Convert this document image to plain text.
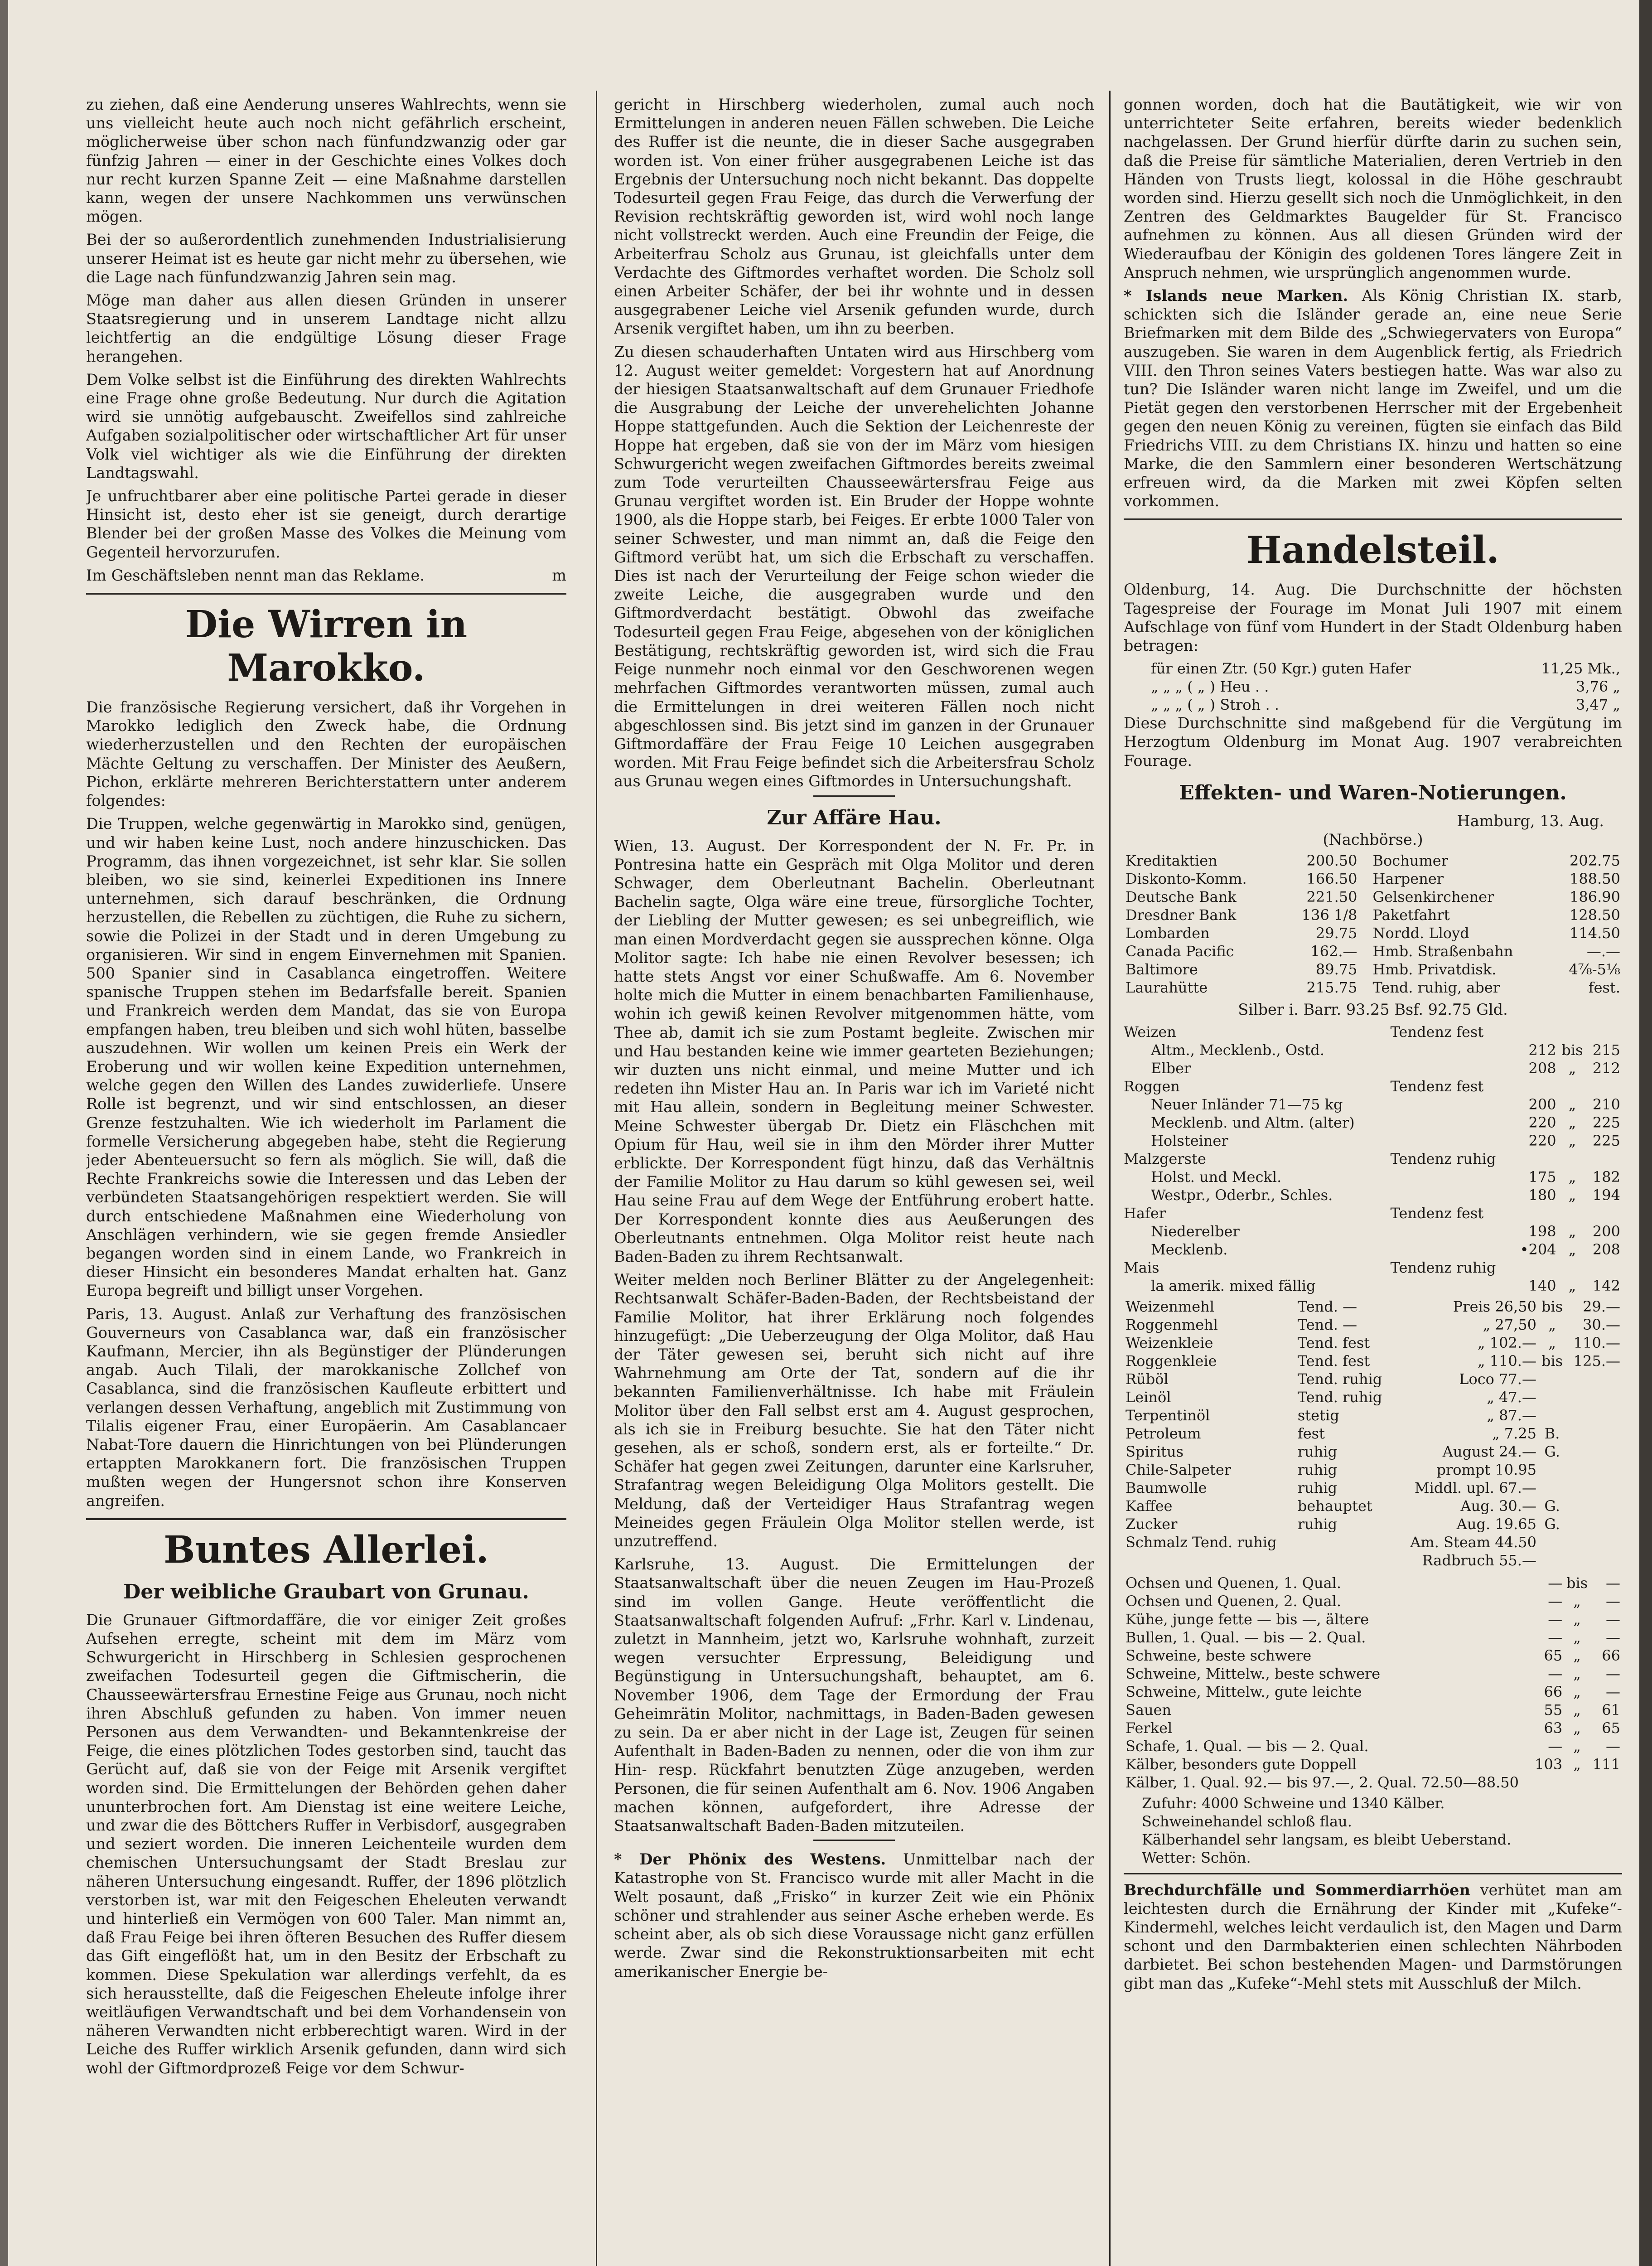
zu ziehen, daß eine Aenderung unseres Wahlrechts, wenn sie uns vielleicht heute auch noch nicht gefährlich erscheint, möglicherweise über schon nach fünfundzwanzig oder gar fünfzig Jahren — einer in der Geschichte eines Volkes doch nur recht kurzen Spanne Zeit — eine Maßnahme darstellen kann, wegen der unsere Nachkommen uns verwünschen mögen.

Bei der so außerordentlich zunehmenden Industrialisierung unserer Heimat ist es heute gar nicht mehr zu übersehen, wie die Lage nach fünfundzwanzig Jahren sein mag.

Möge man daher aus allen diesen Gründen in unserer Staatsregierung und in unserem Landtage nicht allzu leichtfertig an die endgültige Lösung dieser Frage herangehen.

Dem Volke selbst ist die Einführung des direkten Wahlrechts eine Frage ohne große Bedeutung. Nur durch die Agitation wird sie unnötig aufgebauscht. Zweifellos sind zahlreiche Aufgaben sozialpolitischer oder wirtschaftlicher Art für unser Volk viel wichtiger als wie die Einführung der direkten Landtagswahl.

Je unfruchtbarer aber eine politische Partei gerade in dieser Hinsicht ist, desto eher ist sie geneigt, durch derartige Blender bei der großen Masse des Volkes die Meinung vom Gegenteil hervorzurufen.

Im Geschäftsleben nennt man das Reklame.	m

Die Wirren in Marokko.

Die französische Regierung versichert, daß ihr Vorgehen in Marokko lediglich den Zweck habe, die Ordnung wiederherzustellen und den Rechten der europäischen Mächte Geltung zu verschaffen. Der Minister des Aeußern, Pichon, erklärte mehreren Berichterstattern unter anderem folgendes:

Die Truppen, welche gegenwärtig in Marokko sind, genügen, und wir haben keine Lust, noch andere hinzuschicken. Das Programm, das ihnen vorgezeichnet, ist sehr klar. Sie sollen bleiben, wo sie sind, keinerlei Expeditionen ins Innere unternehmen, sich darauf beschränken, die Ordnung herzustellen, die Rebellen zu züchtigen, die Ruhe zu sichern, sowie die Polizei in der Stadt und in deren Umgebung zu organisieren. Wir sind in engem Einvernehmen mit Spanien. 500 Spanier sind in Casablanca eingetroffen. Weitere spanische Truppen stehen im Bedarfsfalle bereit. Spanien und Frankreich werden dem Mandat, das sie von Europa empfangen haben, treu bleiben und sich wohl hüten, basselbe auszudehnen. Wir wollen um keinen Preis ein Werk der Eroberung und wir wollen keine Expedition unternehmen, welche gegen den Willen des Landes zuwiderliefe. Unsere Rolle ist begrenzt, und wir sind entschlossen, an dieser Grenze festzuhalten. Wie ich wiederholt im Parlament die formelle Versicherung abgegeben habe, steht die Regierung jeder Abenteuersucht so fern als möglich. Sie will, daß die Rechte Frankreichs sowie die Interessen und das Leben der verbündeten Staatsangehörigen respektiert werden. Sie will durch entschiedene Maßnahmen eine Wiederholung von Anschlägen verhindern, wie sie gegen fremde Ansiedler begangen worden sind in einem Lande, wo Frankreich in dieser Hinsicht ein besonderes Mandat erhalten hat. Ganz Europa begreift und billigt unser Vorgehen.

Paris, 13. August. Anlaß zur Verhaftung des französischen Gouverneurs von Casablanca war, daß ein französischer Kaufmann, Mercier, ihn als Begünstiger der Plünderungen angab. Auch Tilali, der marokkanische Zollchef von Casablanca, sind die französischen Kaufleute erbittert und verlangen dessen Verhaftung, angeblich mit Zustimmung von Tilalis eigener Frau, einer Europäerin. Am Casablancaer Nabat-Tore dauern die Hinrichtungen von bei Plünderungen ertappten Marokkanern fort. Die französischen Truppen mußten wegen der Hungersnot schon ihre Konserven angreifen.

Buntes Allerlei.
Der weibliche Graubart von Grunau.

Die Grunauer Giftmordaffäre, die vor einiger Zeit großes Aufsehen erregte, scheint mit dem im März vom Schwurgericht in Hirschberg in Schlesien gesprochenen zweifachen Todesurteil gegen die Giftmischerin, die Chausseewärtersfrau Ernestine Feige aus Grunau, noch nicht ihren Abschluß gefunden zu haben. Von immer neuen Personen aus dem Verwandten- und Bekanntenkreise der Feige, die eines plötzlichen Todes gestorben sind, taucht das Gerücht auf, daß sie von der Feige mit Arsenik vergiftet worden sind. Die Ermittelungen der Behörden gehen daher ununterbrochen fort. Am Dienstag ist eine weitere Leiche, und zwar die des Böttchers Ruffer in Verbisdorf, ausgegraben und seziert worden. Die inneren Leichenteile wurden dem chemischen Untersuchungsamt der Stadt Breslau zur näheren Untersuchung eingesandt. Ruffer, der 1896 plötzlich verstorben ist, war mit den Feigeschen Eheleuten verwandt und hinterließ ein Vermögen von 600 Taler. Man nimmt an, daß Frau Feige bei ihren öfteren Besuchen des Ruffer diesem das Gift eingeflößt hat, um in den Besitz der Erbschaft zu kommen. Diese Spekulation war allerdings verfehlt, da es sich herausstellte, daß die Feigeschen Eheleute infolge ihrer weitläufigen Verwandtschaft und bei dem Vorhandensein von näheren Verwandten nicht erbberechtigt waren. Wird in der Leiche des Ruffer wirklich Arsenik gefunden, dann wird sich wohl der Giftmordprozeß Feige vor dem Schwur-

gericht in Hirschberg wiederholen, zumal auch noch Ermittelungen in anderen neuen Fällen schweben. Die Leiche des Ruffer ist die neunte, die in dieser Sache ausgegraben worden ist. Von einer früher ausgegrabenen Leiche ist das Ergebnis der Untersuchung noch nicht bekannt. Das doppelte Todesurteil gegen Frau Feige, das durch die Verwerfung der Revision rechtskräftig geworden ist, wird wohl noch lange nicht vollstreckt werden. Auch eine Freundin der Feige, die Arbeiterfrau Scholz aus Grunau, ist gleichfalls unter dem Verdachte des Giftmordes verhaftet worden. Die Scholz soll einen Arbeiter Schäfer, der bei ihr wohnte und in dessen ausgegrabener Leiche viel Arsenik gefunden wurde, durch Arsenik vergiftet haben, um ihn zu beerben.

Zu diesen schauderhaften Untaten wird aus Hirschberg vom 12. August weiter gemeldet: Vorgestern hat auf Anordnung der hiesigen Staatsanwaltschaft auf dem Grunauer Friedhofe die Ausgrabung der Leiche der unverehelichten Johanne Hoppe stattgefunden. Auch die Sektion der Leichenreste der Hoppe hat ergeben, daß sie von der im März vom hiesigen Schwurgericht wegen zweifachen Giftmordes bereits zweimal zum Tode verurteilten Chausseewärtersfrau Feige aus Grunau vergiftet worden ist. Ein Bruder der Hoppe wohnte 1900, als die Hoppe starb, bei Feiges. Er erbte 1000 Taler von seiner Schwester, und man nimmt an, daß die Feige den Giftmord verübt hat, um sich die Erbschaft zu verschaffen. Dies ist nach der Verurteilung der Feige schon wieder die zweite Leiche, die ausgegraben wurde und den Giftmordverdacht bestätigt. Obwohl das zweifache Todesurteil gegen Frau Feige, abgesehen von der königlichen Bestätigung, rechtskräftig geworden ist, wird sich die Frau Feige nunmehr noch einmal vor den Geschworenen wegen mehrfachen Giftmordes verantworten müssen, zumal auch die Ermittelungen in drei weiteren Fällen noch nicht abgeschlossen sind. Bis jetzt sind im ganzen in der Grunauer Giftmordaffäre der Frau Feige 10 Leichen ausgegraben worden. Mit Frau Feige befindet sich die Arbeitersfrau Scholz aus Grunau wegen eines Giftmordes in Untersuchungshaft.

Zur Affäre Hau.

Wien, 13. August. Der Korrespondent der N. Fr. Pr. in Pontresina hatte ein Gespräch mit Olga Molitor und deren Schwager, dem Oberleutnant Bachelin. Oberleutnant Bachelin sagte, Olga wäre eine treue, fürsorgliche Tochter, der Liebling der Mutter gewesen; es sei unbegreiflich, wie man einen Mordverdacht gegen sie aussprechen könne. Olga Molitor sagte: Ich habe nie einen Revolver besessen; ich hatte stets Angst vor einer Schußwaffe. Am 6. November holte mich die Mutter in einem benachbarten Familienhause, wohin ich gewiß keinen Revolver mitgenommen hätte, vom Thee ab, damit ich sie zum Postamt begleite. Zwischen mir und Hau bestanden keine wie immer gearteten Beziehungen; wir duzten uns nicht einmal, und meine Mutter und ich redeten ihn Mister Hau an. In Paris war ich im Varieté nicht mit Hau allein, sondern in Begleitung meiner Schwester. Meine Schwester übergab Dr. Dietz ein Fläschchen mit Opium für Hau, weil sie in ihm den Mörder ihrer Mutter erblickte. Der Korrespondent fügt hinzu, daß das Verhältnis der Familie Molitor zu Hau darum so kühl gewesen sei, weil Hau seine Frau auf dem Wege der Entführung erobert hatte. Der Korrespondent konnte dies aus Aeußerungen des Oberleutnants entnehmen. Olga Molitor reist heute nach Baden-Baden zu ihrem Rechtsanwalt.

Weiter melden noch Berliner Blätter zu der Angelegenheit: Rechtsanwalt Schäfer-Baden-Baden, der Rechtsbeistand der Familie Molitor, hat ihrer Erklärung noch folgendes hinzugefügt: „Die Ueberzeugung der Olga Molitor, daß Hau der Täter gewesen sei, beruht sich nicht auf ihre Wahrnehmung am Orte der Tat, sondern auf die ihr bekannten Familienverhältnisse. Ich habe mit Fräulein Molitor über den Fall selbst erst am 4. August gesprochen, als ich sie in Freiburg besuchte. Sie hat den Täter nicht gesehen, als er schoß, sondern erst, als er forteilte.“ Dr. Schäfer hat gegen zwei Zeitungen, darunter eine Karlsruher, Strafantrag wegen Beleidigung Olga Molitors gestellt. Die Meldung, daß der Verteidiger Haus Strafantrag wegen Meineides gegen Fräulein Olga Molitor stellen werde, ist unzutreffend.

Karlsruhe, 13. August. Die Ermittelungen der Staatsanwaltschaft über die neuen Zeugen im Hau-Prozeß sind im vollen Gange. Heute veröffentlicht die Staatsanwaltschaft folgenden Aufruf: „Frhr. Karl v. Lindenau, zuletzt in Mannheim, jetzt wo, Karlsruhe wohnhaft, zurzeit wegen versuchter Erpressung, Beleidigung und Begünstigung in Untersuchungshaft, behauptet, am 6. November 1906, dem Tage der Ermordung der Frau Geheimrätin Molitor, nachmittags, in Baden-Baden gewesen zu sein. Da er aber nicht in der Lage ist, Zeugen für seinen Aufenthalt in Baden-Baden zu nennen, oder die von ihm zur Hin- resp. Rückfahrt benutzten Züge anzugeben, werden Personen, die für seinen Aufenthalt am 6. Nov. 1906 Angaben machen können, aufgefordert, ihre Adresse der Staatsanwaltschaft Baden-Baden mitzuteilen.

* Der Phönix des Westens. Unmittelbar nach der Katastrophe von St. Francisco wurde mit aller Macht in die Welt posaunt, daß „Frisko“ in kurzer Zeit wie ein Phönix schöner und strahlender aus seiner Asche erheben werde. Es scheint aber, als ob sich diese Voraussage nicht ganz erfüllen werde. Zwar sind die Rekonstruktionsarbeiten mit echt amerikanischer Energie be-

gonnen worden, doch hat die Bautätigkeit, wie wir von unterrichteter Seite erfahren, bereits wieder bedenklich nachgelassen. Der Grund hierfür dürfte darin zu suchen sein, daß die Preise für sämtliche Materialien, deren Vertrieb in den Händen von Trusts liegt, kolossal in die Höhe geschraubt worden sind. Hierzu gesellt sich noch die Unmöglichkeit, in den Zentren des Geldmarktes Baugelder für St. Francisco aufnehmen zu können. Aus all diesen Gründen wird der Wiederaufbau der Königin des goldenen Tores längere Zeit in Anspruch nehmen, wie ursprünglich angenommen wurde.

* Islands neue Marken. Als König Christian IX. starb, schickten sich die Isländer gerade an, eine neue Serie Briefmarken mit dem Bilde des „Schwiegervaters von Europa“ auszugeben. Sie waren in dem Augenblick fertig, als Friedrich VIII. den Thron seines Vaters bestiegen hatte. Was war also zu tun? Die Isländer waren nicht lange im Zweifel, und um die Pietät gegen den verstorbenen Herrscher mit der Ergebenheit gegen den neuen König zu vereinen, fügten sie einfach das Bild Friedrichs VIII. zu dem Christians IX. hinzu und hatten so eine Marke, die den Sammlern einer besonderen Wertschätzung erfreuen wird, da die Marken mit zwei Köpfen selten vorkommen.

Handelsteil.

Oldenburg, 14. Aug. Die Durchschnitte der höchsten Tagespreise der Fourage im Monat Juli 1907 mit einem Aufschlage von fünf vom Hundert in der Stadt Oldenburg haben betragen:

für einen Ztr. (50 Kgr.) guten Hafer	11,25 Mk.,
„ „ „ ( „ ) Heu . .	3,76 „
„ „ „ ( „ ) Stroh . .	3,47 „

Diese Durchschnitte sind maßgebend für die Vergütung im Herzogtum Oldenburg im Monat Aug. 1907 verabreichten Fourage.

Effekten- und Waren-Notierungen.

Hamburg, 13. Aug.

(Nachbörse.)

Kreditaktien	200.50	Bochumer	202.75
Diskonto-Komm.	166.50	Harpener	188.50
Deutsche Bank	221.50	Gelsenkirchener	186.90
Dresdner Bank	136 1/8	Paketfahrt	128.50
Lombarden	29.75	Nordd. Lloyd	114.50
Canada Pacific	162.—	Hmb. Straßenbahn	—.—
Baltimore	89.75	Hmb. Privatdisk.	4⅞-5⅛
Laurahütte	215.75	Tend. ruhig, aber	fest.

Silber i. Barr. 93.25 Bsf. 92.75 Gld.

Weizen	Tendenz fest			
Altm., Mecklenb., Ostd.		212	bis	215
Elber		208	„	212
Roggen	Tendenz fest			
Neuer Inländer 71—75 kg		200	„	210
Mecklenb. und Altm. (alter)		220	„	225
Holsteiner		220	„	225
Malzgerste	Tendenz ruhig			
Holst. und Meckl.		175	„	182
Westpr., Oderbr., Schles.		180	„	194
Hafer	Tendenz fest			
Niederelber		198	„	200
Mecklenb.		•204	„	208
Mais	Tendenz ruhig			
la amerik. mixed fällig		140	„	142
Weizenmehl	Tend. —	Preis 26,50	bis	29.—
Roggenmehl	Tend. —	„ 27,50	„	30.—
Weizenkleie	Tend. fest	„ 102.—	„	110.—
Roggenkleie	Tend. fest	„ 110.—	bis	125.—
Rüböl	Tend. ruhig	Loco 77.—		
Leinöl	Tend. ruhig	„ 47.—		
Terpentinöl	stetig	„ 87.—		
Petroleum	fest	„ 7.25	B.	
Spiritus	ruhig	August 24.—	G.	
Chile-Salpeter	ruhig	prompt 10.95		
Baumwolle	ruhig	Middl. upl. 67.—		
Kaffee	behauptet	Aug. 30.—	G.	
Zucker	ruhig	Aug. 19.65	G.	
Schmalz Tend. ruhig		Am. Steam 44.50		
		Radbruch 55.—		
Ochsen und Quenen, 1. Qual.	—	bis	—
Ochsen und Quenen, 2. Qual.	—	„	—
Kühe, junge fette — bis —, ältere	—	„	—
Bullen, 1. Qual. — bis — 2. Qual.	—	„	—
Schweine, beste schwere	65	„	66
Schweine, Mittelw., beste schwere	—	„	—
Schweine, Mittelw., gute leichte	66	„	—
Sauen	55	„	61
Ferkel	63	„	65
Schafe, 1. Qual. — bis — 2. Qual.	—	„	—
Kälber, besonders gute Doppell	103	„	111
Kälber, 1. Qual. 92.— bis 97.—, 2. Qual. 72.50—88.50			

Zufuhr: 4000 Schweine und 1340 Kälber.

Schweinehandel schloß flau.

Kälberhandel sehr langsam, es bleibt Ueberstand.

Wetter: Schön.

Brechdurchfälle und Sommerdiarrhöen verhütet man am leichtesten durch die Ernährung der Kinder mit „Kufeke“-Kindermehl, welches leicht verdaulich ist, den Magen und Darm schont und den Darmbakterien einen schlechten Nährboden darbietet. Bei schon bestehenden Magen- und Darmstörungen gibt man das „Kufeke“-Mehl stets mit Ausschluß der Milch.
